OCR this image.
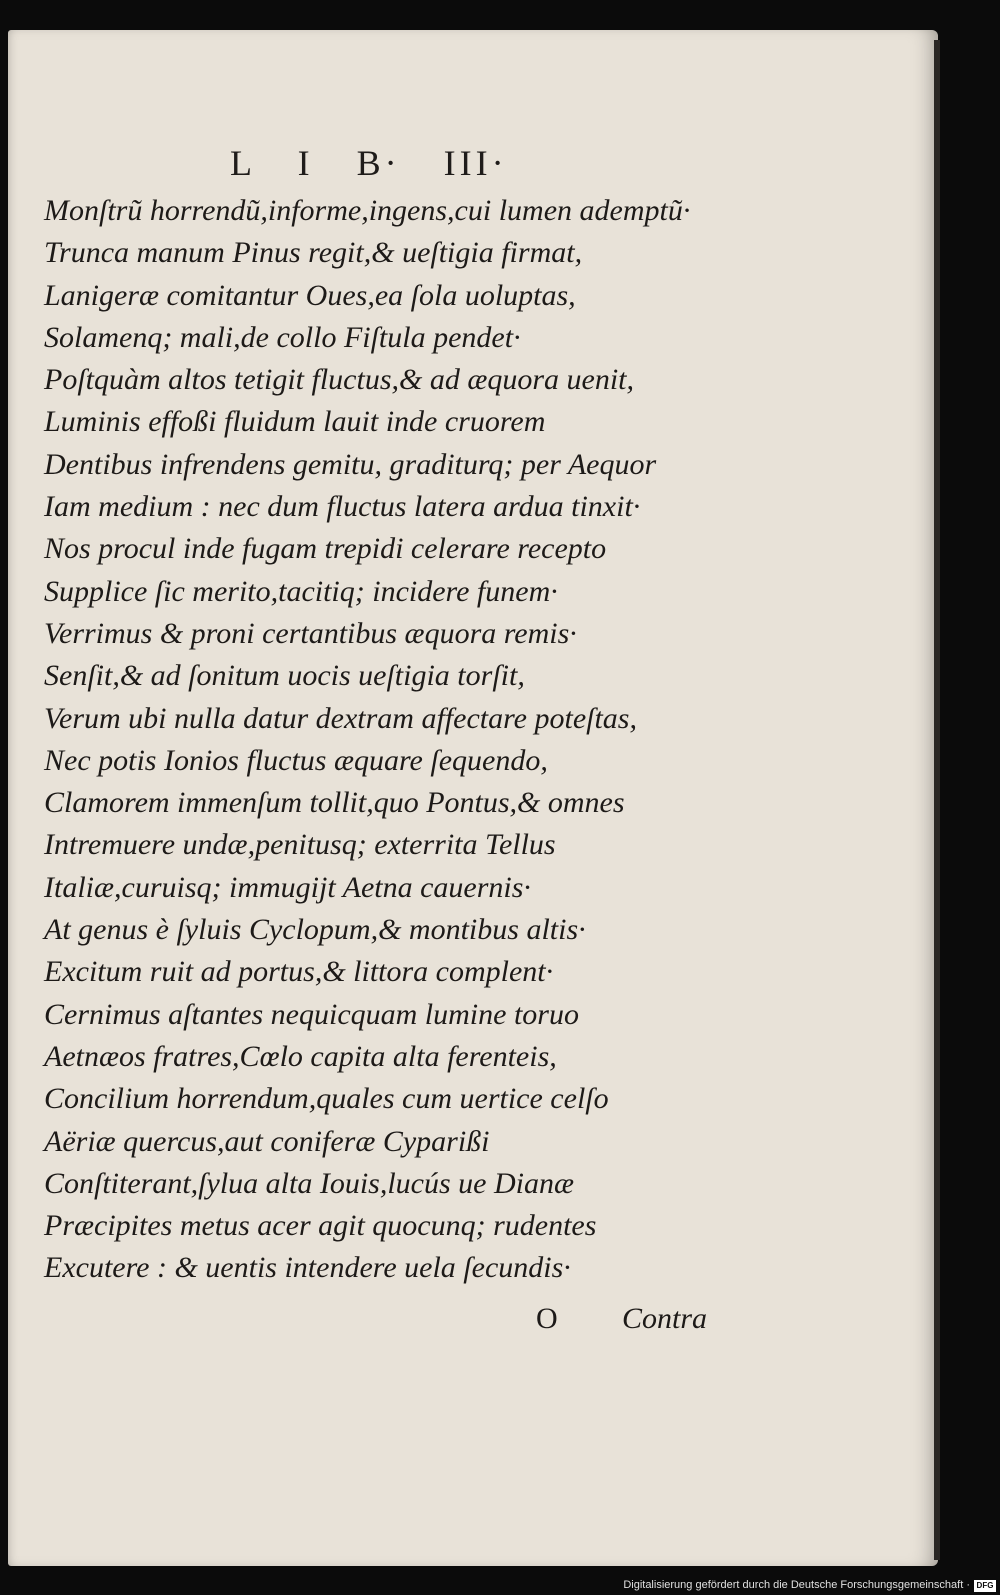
L I B· III·
Monſtrũ horrendũ,informe,ingens,cui lumen ademptũ·
Trunca manum Pinus regit,& ueſtigia firmat,
Lanigeræ comitantur Oues,ea ſola uoluptas,
Solamenq; mali,de collo Fiſtula pendet·
Poſtquàm altos tetigit fluctus,& ad æquora uenit,
Luminis effoßi fluidum lauit inde cruorem
Dentibus infrendens gemitu, graditurq; per Aequor
Iam medium : nec dum fluctus latera ardua tinxit·
Nos procul inde fugam trepidi celerare recepto
Supplice ſic merito,tacitiq; incidere funem·
Verrimus & proni certantibus æquora remis·
Senſit,& ad ſonitum uocis ueſtigia torſit,
Verum ubi nulla datur dextram affectare poteſtas,
Nec potis Ionios fluctus æquare ſequendo,
Clamorem immenſum tollit,quo Pontus,& omnes
Intremuere undæ,penitusq; exterrita Tellus
Italiæ,curuisq; immugijt Aetna cauernis·
At genus è ſyluis Cyclopum,& montibus altis·
Excitum ruit ad portus,& littora complent·
Cernimus aſtantes nequicquam lumine toruo
Aetnæos fratres,Cœlo capita alta ferenteis,
Concilium horrendum,quales cum uertice celſo
Aëriæ quercus,aut coniferæ Cyparißi
Conſtiterant,ſylua alta Iouis,lucús ue Dianæ
Præcipites metus acer agit quocunq; rudentes
Excutere : & uentis intendere uela ſecundis·
O Contra
Digitalisierung gefördert durch die Deutsche Forschungsgemeinschaft · DFG
